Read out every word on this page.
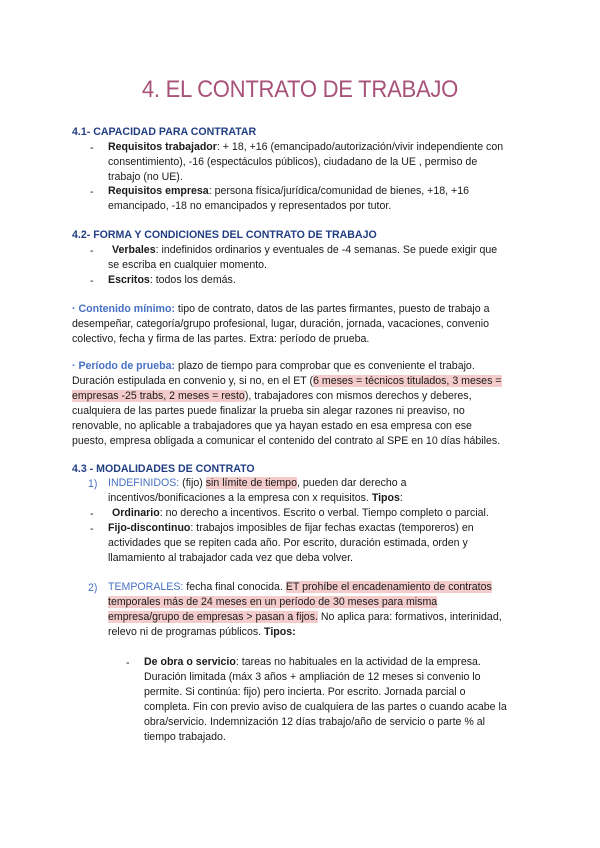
4. EL CONTRATO DE TRABAJO
4.1- CAPACIDAD PARA CONTRATAR
- Requisitos trabajador: + 18, +16 (emancipado/autorización/vivir independiente con
consentimiento), -16 (espectáculos públicos), ciudadano de la UE , permiso de
trabajo (no UE).
- Requisitos empresa: persona física/jurídica/comunidad de bienes, +18, +16
emancipado, -18 no emancipados y representados por tutor.
4.2- FORMA Y CONDICIONES DEL CONTRATO DE TRABAJO
- Verbales: indefinidos ordinarios y eventuales de -4 semanas. Se puede exigir que
se escriba en cualquier momento.
- Escritos: todos los demás.
· Contenido mínimo: tipo de contrato, datos de las partes firmantes, puesto de trabajo a
desempeñar, categoría/grupo profesional, lugar, duración, jornada, vacaciones, convenio
colectivo, fecha y firma de las partes. Extra: período de prueba.
· Período de prueba: plazo de tiempo para comprobar que es conveniente el trabajo.
Duración estipulada en convenio y, si no, en el ET (6 meses = técnicos titulados, 3 meses =
empresas -25 trabs, 2 meses = resto), trabajadores con mismos derechos y deberes,
cualquiera de las partes puede finalizar la prueba sin alegar razones ni preaviso, no
renovable, no aplicable a trabajadores que ya hayan estado en esa empresa con ese
puesto, empresa obligada a comunicar el contenido del contrato al SPE en 10 días hábiles.
4.3 - MODALIDADES DE CONTRATO
1) INDEFINIDOS: (fijo) sin límite de tiempo, pueden dar derecho a
incentivos/bonificaciones a la empresa con x requisitos. Tipos:
- Ordinario: no derecho a incentivos. Escrito o verbal. Tiempo completo o parcial.
- Fijo-discontinuo: trabajos imposibles de fijar fechas exactas (temporeros) en
actividades que se repiten cada año. Por escrito, duración estimada, orden y
llamamiento al trabajador cada vez que deba volver.
2) TEMPORALES: fecha final conocida. ET prohíbe el encadenamiento de contratos
temporales más de 24 meses en un período de 30 meses para misma
empresa/grupo de empresas > pasan a fijos. No aplica para: formativos, interinidad,
relevo ni de programas públicos. Tipos:
- De obra o servicio: tareas no habituales en la actividad de la empresa.
Duración limitada (máx 3 años + ampliación de 12 meses si convenio lo
permite. Si continúa: fijo) pero incierta. Por escrito. Jornada parcial o
completa. Fin con previo aviso de cualquiera de las partes o cuando acabe la
obra/servicio. Indemnización 12 días trabajo/año de servicio o parte % al
tiempo trabajado.
